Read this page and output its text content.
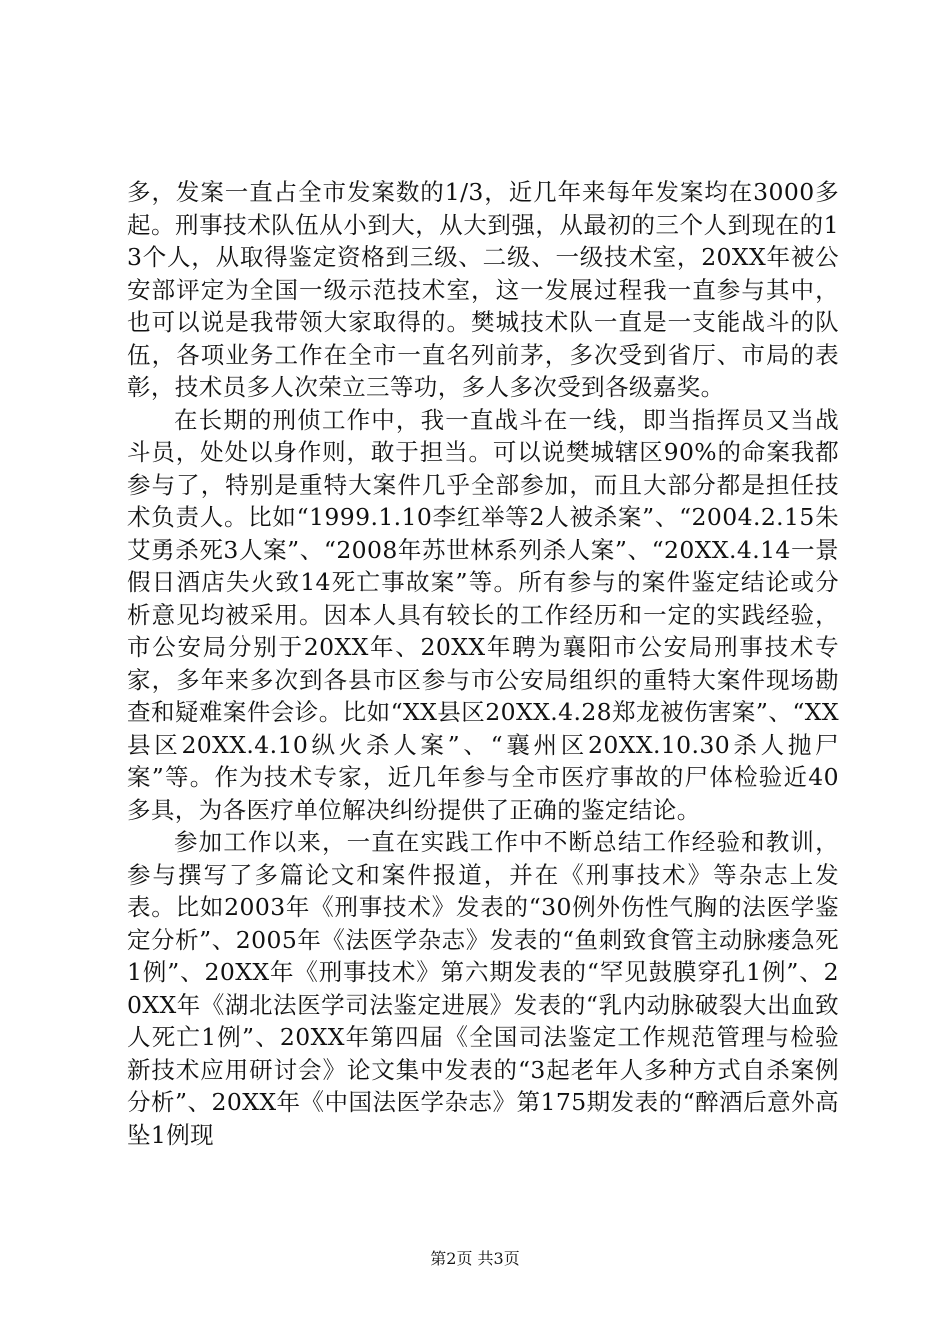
多，发案一直占全市发案数的1/3，近几年来每年发案均在3000多起。刑事技术队伍从小到大，从大到强，从最初的三个人到现在的13个人，从取得鉴定资格到三级、二级、一级技术室，20XX年被公安部评定为全国一级示范技术室，这一发展过程我一直参与其中，也可以说是我带领大家取得的。樊城技术队一直是一支能战斗的队伍，各项业务工作在全市一直名列前茅，多次受到省厅、市局的表彰，技术员多人次荣立三等功，多人多次受到各级嘉奖。

在长期的刑侦工作中，我一直战斗在一线，即当指挥员又当战斗员，处处以身作则，敢于担当。可以说樊城辖区90%的命案我都参与了，特别是重特大案件几乎全部参加，而且大部分都是担任技术负责人。比如“1999.1.10李红举等2人被杀案”、“2004.2.15朱艾勇杀死3人案”、“2008年苏世林系列杀人案”、“20XX.4.14一景假日酒店失火致14死亡事故案”等。所有参与的案件鉴定结论或分析意见均被采用。因本人具有较长的工作经历和一定的实践经验，市公安局分别于20XX年、20XX年聘为襄阳市公安局刑事技术专家，多年来多次到各县市区参与市公安局组织的重特大案件现场勘查和疑难案件会诊。比如“XX县区20XX.4.28郑龙被伤害案”、“XX县区20XX.4.10纵火杀人案”、“襄州区20XX.10.30杀人抛尸案”等。作为技术专家，近几年参与全市医疗事故的尸体检验近40多具，为各医疗单位解决纠纷提供了正确的鉴定结论。

参加工作以来，一直在实践工作中不断总结工作经验和教训，参与撰写了多篇论文和案件报道，并在《刑事技术》等杂志上发表。比如2003年《刑事技术》发表的“30例外伤性气胸的法医学鉴定分析”、2005年《法医学杂志》发表的“鱼刺致食管主动脉瘘急死1例”、20XX年《刑事技术》第六期发表的“罕见鼓膜穿孔1例”、20XX年《湖北法医学司法鉴定进展》发表的“乳内动脉破裂大出血致人死亡1例”、20XX年第四届《全国司法鉴定工作规范管理与检验新技术应用研讨会》论文集中发表的“3起老年人多种方式自杀案例分析”、20XX年《中国法医学杂志》第175期发表的“醉酒后意外高坠1例现

第2页 共3页
